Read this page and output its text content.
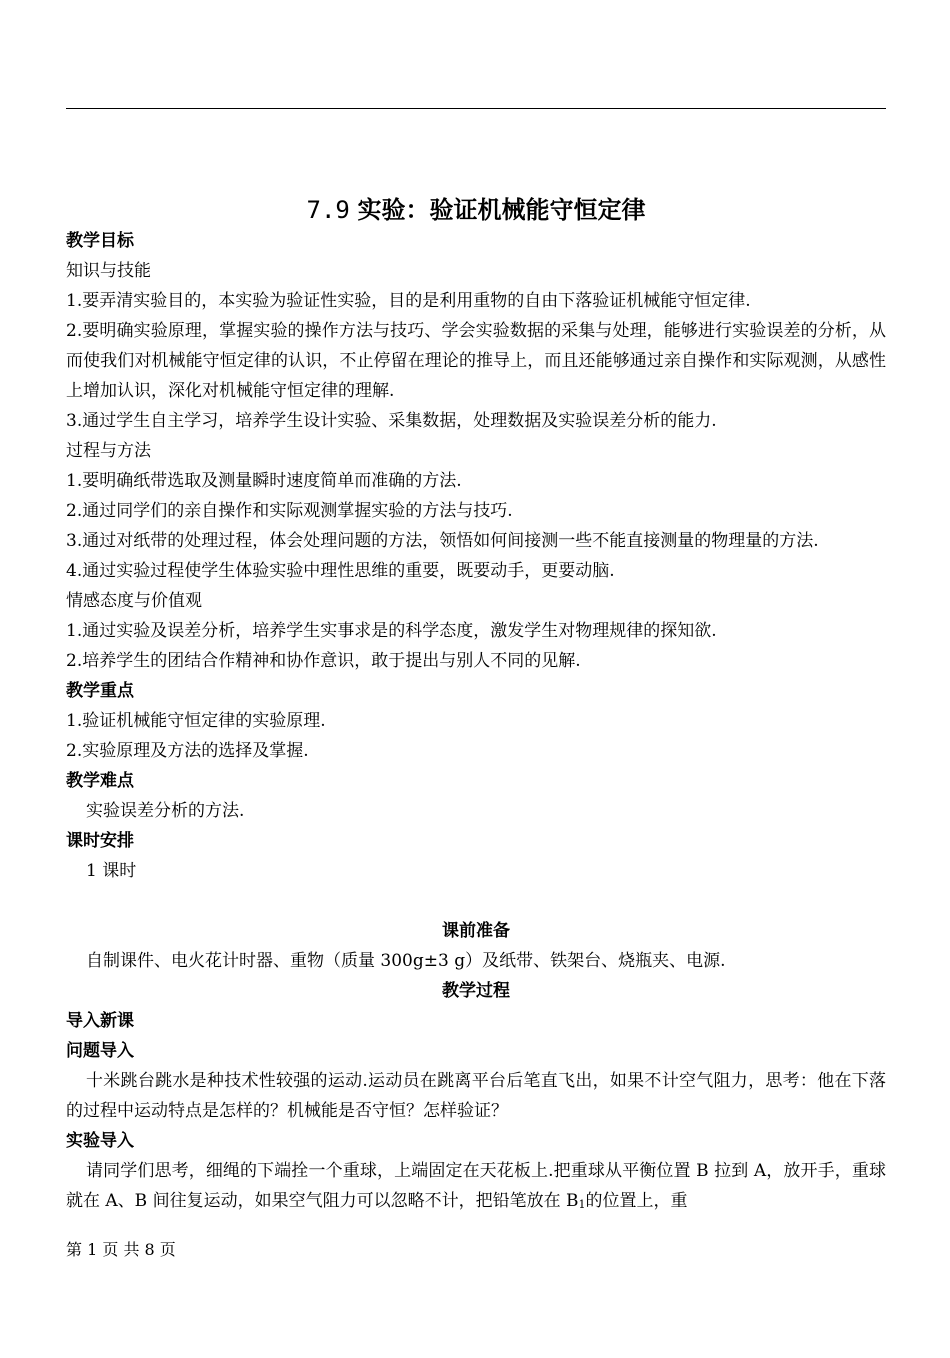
7.9 实验：验证机械能守恒定律
教学目标
知识与技能
1.要弄清实验目的，本实验为验证性实验，目的是利用重物的自由下落验证机械能守恒定律.
2.要明确实验原理，掌握实验的操作方法与技巧、学会实验数据的采集与处理，能够进行实验误差的分析，从而使我们对机械能守恒定律的认识，不止停留在理论的推导上，而且还能够通过亲自操作和实际观测，从感性上增加认识，深化对机械能守恒定律的理解.
3.通过学生自主学习，培养学生设计实验、采集数据，处理数据及实验误差分析的能力.
过程与方法
1.要明确纸带选取及测量瞬时速度简单而准确的方法.
2.通过同学们的亲自操作和实际观测掌握实验的方法与技巧.
3.通过对纸带的处理过程，体会处理问题的方法，领悟如何间接测一些不能直接测量的物理量的方法.
4.通过实验过程使学生体验实验中理性思维的重要，既要动手，更要动脑.
情感态度与价值观
1.通过实验及误差分析，培养学生实事求是的科学态度，激发学生对物理规律的探知欲.
2.培养学生的团结合作精神和协作意识，敢于提出与别人不同的见解.
教学重点
1.验证机械能守恒定律的实验原理.
2.实验原理及方法的选择及掌握.
教学难点
实验误差分析的方法.
课时安排
1 课时
课前准备
自制课件、电火花计时器、重物（质量 300g±3 g）及纸带、铁架台、烧瓶夹、电源.
教学过程
导入新课
问题导入
十米跳台跳水是种技术性较强的运动.运动员在跳离平台后笔直飞出，如果不计空气阻力，思考：他在下落的过程中运动特点是怎样的？机械能是否守恒？怎样验证？
实验导入
请同学们思考，细绳的下端拴一个重球，上端固定在天花板上.把重球从平衡位置 B 拉到 A，放开手，重球就在 A、B 间往复运动，如果空气阻力可以忽略不计，把铅笔放在 $B_1$的位置上，重
第 1 页 共 8 页
